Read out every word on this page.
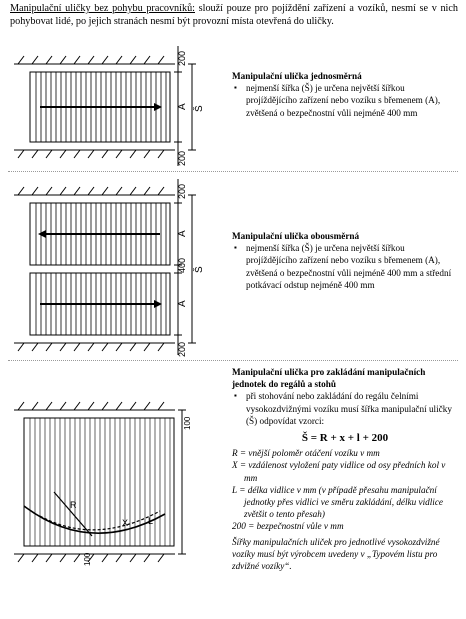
Manipulační uličky bez pohybu pracovníků: slouží pouze pro pojíždění zařízení a vozíků, nesmí se v nich pohybovat lidé, po jejich stranách nesmí být provozní místa otevřená do uličky.
200
200
A Š
Manipulační ulička jednosměrná
▪ nejmenší šířka (Š) je určena největší šířkou projíždějícího zařízení nebo vozíku s břemenem (A), zvětšená o bezpečnostní vůli nejméně 400 mm
200
A
400
A
200
Š
Manipulační ulička obousměrná
▪ nejmenší šířka (Š) je určena největší šířkou projíždějícího zařízení nebo vozíku s břemenem (A), zvětšená o bezpečnostní vůli nejméně 400 mm a střední potkávací odstup nejméně 400 mm
R
X L
100
100
Manipulační ulička pro zakládání manipulačních jednotek do regálů a stohů
▪ při stohování nebo zakládání do regálu čelními vysokozdvižnými vozíku musí šířka manipulační uličky (Š) odpovídat vzorci:
Š = R + x + l + 200
R = vnější poloměr otáčení vozíku v mm
X = vzdálenost vyložení paty vidlice od osy předních kol v mm
L = délka vidlice v mm (v případě přesahu manipulační jednotky přes vidlici ve směru zakládání, délku vidlice zvětšit o tento přesah)
200 = bezpečnostní vůle v mm
Šířky manipulačních uliček pro jednotlivé vysokozdvižné vozíky musí být výrobcem uvedeny v „Typovém listu pro zdvižné vozíky“.
